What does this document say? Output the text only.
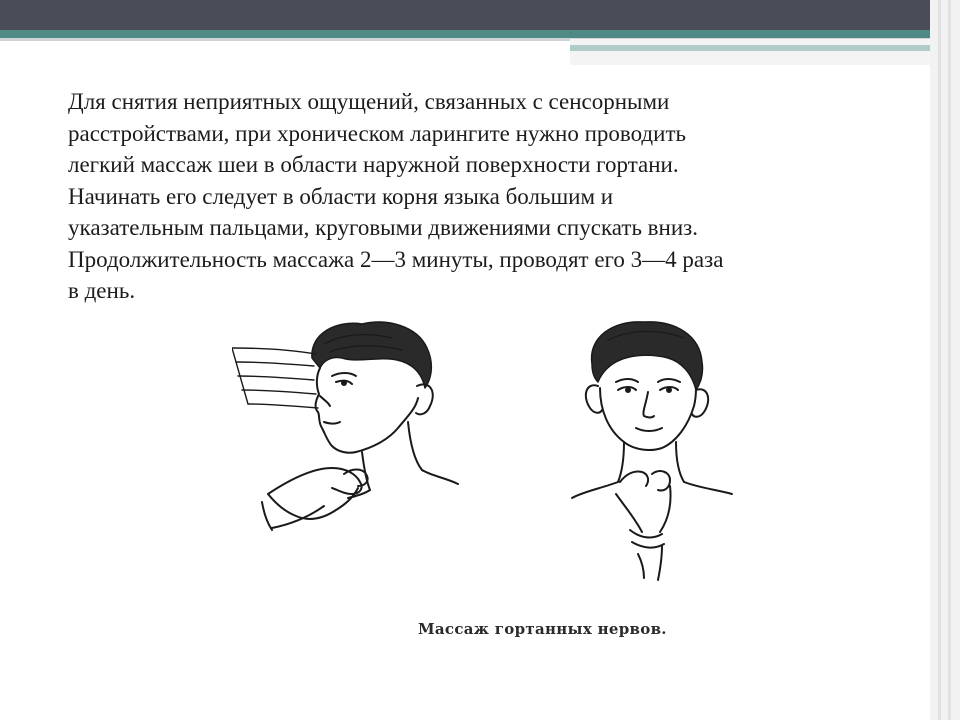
Для снятия неприятных ощущений, связанных с сенсорными
расстройствами, при хроническом ларингите нужно проводить
легкий массаж шеи в области наружной поверхности гортани.
Начинать его следует в области корня языка большим и
указательным пальцами, круговыми движениями спускать вниз.
Продолжительность массажа 2—3 минуты, проводят его 3—4 раза
в день.
Массаж гортанных нервов.
